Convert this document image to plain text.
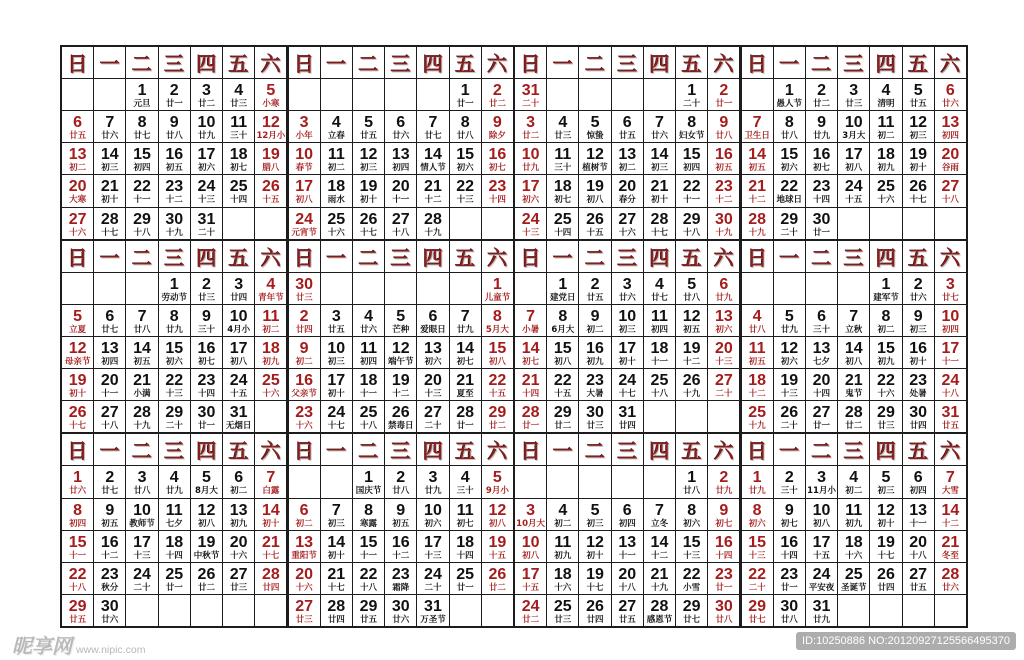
日 一 二 三 四 五 六
1
元旦
2
廿一
3
廿二
4
廿三
5
小寒
6
廿五
7
廿六
8
廿七
9
廿八
10
廿九
11
三十
12
12月小
13
初二
14
初三
15
初四
16
初五
17
初六
18
初七
19
腊八
20
大寒
21
初十
22
十一
23
十二
24
十三
25
十四
26
十五
27
十六
28
十七
29
十八
30
十九
31
二十
日 一 二 三 四 五 六
1
廿一
2
廿二
3
小年
4
立春
5
廿五
6
廿六
7
廿七
8
廿八
9
除夕
10
春节
11
初二
12
初三
13
初四
14
情人节
15
初六
16
初七
17
初八
18
雨水
19
初十
20
十一
21
十二
22
十三
23
十四
24
元宵节
25
十六
26
十七
27
十八
28
十九
日 一 二 三 四 五 六
31
二十
1
二十
2
廿一
3
廿二
4
廿三
5
惊蛰
6
廿五
7
廿六
8
妇女节
9
廿八
10
廿九
11
三十
12
植树节
13
初二
14
初三
15
初四
16
初五
17
初六
18
初七
19
初八
20
春分
21
初十
22
十一
23
十二
24
十三
25
十四
26
十五
27
十六
28
十七
29
十八
30
十九
日 一 二 三 四 五 六
1
愚人节
2
廿二
3
廿三
4
清明
5
廿五
6
廿六
7
卫生日
8
廿八
9
廿九
10
3月大
11
初二
12
初三
13
初四
14
初五
15
初六
16
初七
17
初八
18
初九
19
初十
20
谷雨
21
十二
22
地球日
23
十四
24
十五
25
十六
26
十七
27
十八
28
十九
29
二十
30
廿一
日 一 二 三 四 五 六
1
劳动节
2
廿三
3
廿四
4
青年节
5
立夏
6
廿七
7
廿八
8
廿九
9
三十
10
4月小
11
初二
12
母亲节
13
初四
14
初五
15
初六
16
初七
17
初八
18
初九
19
初十
20
十一
21
小满
22
十三
23
十四
24
十五
25
十六
26
十七
27
十八
28
十九
29
二十
30
廿一
31
无烟日
日 一 二 三 四 五 六
30
廿三
1
儿童节
2
廿四
3
廿五
4
廿六
5
芒种
6
爱眼日
7
廿九
8
5月大
9
初二
10
初三
11
初四
12
端午节
13
初六
14
初七
15
初八
16
父亲节
17
初十
18
十一
19
十二
20
十三
21
夏至
22
十五
23
十六
24
十七
25
十八
26
禁毒日
27
二十
28
廿一
29
廿二
日 一 二 三 四 五 六
1
建党日
2
廿五
3
廿六
4
廿七
5
廿八
6
廿九
7
小暑
8
6月大
9
初二
10
初三
11
初四
12
初五
13
初六
14
初七
15
初八
16
初九
17
初十
18
十一
19
十二
20
十三
21
十四
22
十五
23
大暑
24
十七
25
十八
26
十九
27
二十
28
廿一
29
廿二
30
廿三
31
廿四
日 一 二 三 四 五 六
1
建军节
2
廿六
3
廿七
4
廿八
5
廿九
6
三十
7
立秋
8
初二
9
初三
10
初四
11
初五
12
初六
13
七夕
14
初八
15
初九
16
初十
17
十一
18
十二
19
十三
20
十四
21
鬼节
22
十六
23
处暑
24
十八
25
十九
26
二十
27
廿一
28
廿二
29
廿三
30
廿四
31
廿五
日 一 二 三 四 五 六
1
廿六
2
廿七
3
廿八
4
廿九
5
8月大
6
初二
7
白露
8
初四
9
初五
10
教师节
11
七夕
12
初八
13
初九
14
初十
15
十一
16
十二
17
十三
18
十四
19
中秋节
20
十六
21
十七
22
十八
23
秋分
24
二十
25
廿一
26
廿二
27
廿三
28
廿四
29
廿五
30
廿六
日 一 二 三 四 五 六
1
国庆节
2
廿八
3
廿九
4
三十
5
9月小
6
初二
7
初三
8
寒露
9
初五
10
初六
11
初七
12
初八
13
重阳节
14
初十
15
十一
16
十二
17
十三
18
十四
19
十五
20
十六
21
十七
22
十八
23
霜降
24
二十
25
廿一
26
廿二
27
廿三
28
廿四
29
廿五
30
廿六
31
万圣节
日 一 二 三 四 五 六
1
廿八
2
廿九
3
10月大
4
初二
5
初三
6
初四
7
立冬
8
初六
9
初七
10
初八
11
初九
12
初十
13
十一
14
十二
15
十三
16
十四
17
十五
18
十六
19
十七
20
十八
21
十九
22
小雪
23
廿一
24
廿二
25
廿三
26
廿四
27
廿五
28
感恩节
29
廿七
30
廿八
日 一 二 三 四 五 六
1
廿九
2
三十
3
11月小
4
初二
5
初三
6
初四
7
大雪
8
初六
9
初七
10
初八
11
初九
12
初十
13
十一
14
十二
15
十三
16
十四
17
十五
18
十六
19
十七
20
十八
21
冬至
22
二十
23
廿一
24
平安夜
25
圣诞节
26
廿四
27
廿五
28
廿六
29
廿七
30
廿八
31
廿九
昵享网 www.nipic.com
ID:10250886 NO:20120927125566495370
